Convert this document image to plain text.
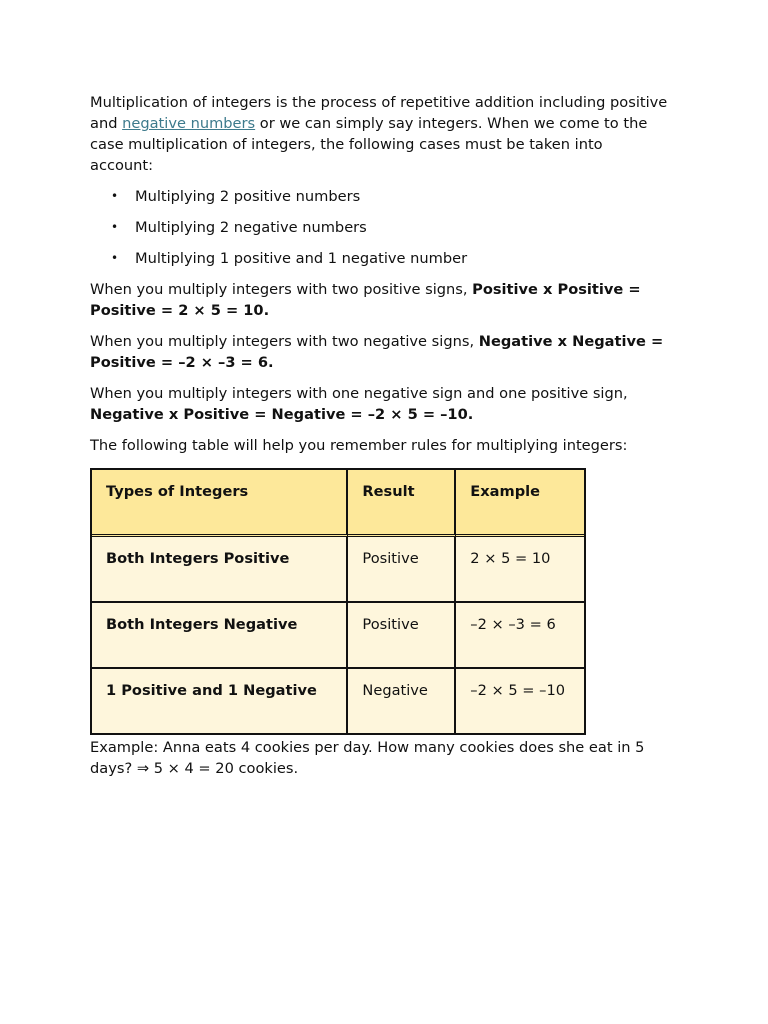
Multiplication of integers is the process of repetitive addition including positive and negative numbers or we can simply say integers. When we come to the case multiplication of integers, the following cases must be taken into account:

• Multiplying 2 positive numbers
• Multiplying 2 negative numbers
• Multiplying 1 positive and 1 negative number

When you multiply integers with two positive signs, Positive x Positive = Positive = 2 × 5 = 10.

When you multiply integers with two negative signs, Negative x Negative = Positive = –2 × –3 = 6.

When you multiply integers with one negative sign and one positive sign, Negative x Positive = Negative = –2 × 5 = –10.

The following table will help you remember rules for multiplying integers:

Types of Integers	Result	Example
Both Integers Positive	Positive	2 × 5 = 10
Both Integers Negative	Positive	–2 × –3 = 6
1 Positive and 1 Negative	Negative	–2 × 5 = –10

Example: Anna eats 4 cookies per day. How many cookies does she eat in 5 days? ⇒ 5 × 4 = 20 cookies.
